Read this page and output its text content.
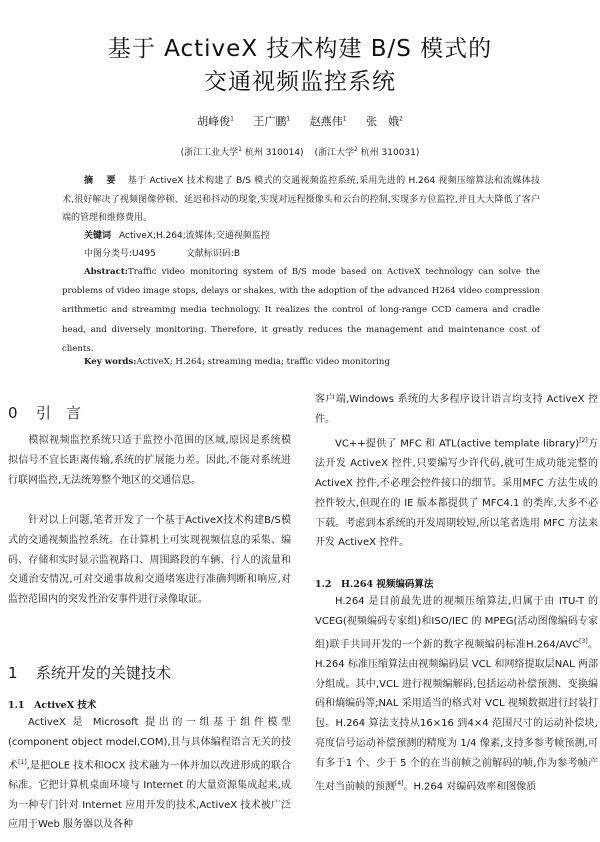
基于 ActiveX 技术构建 B/S 模式的
交通视频监控系统
胡峰俊$^1$ 王广鹏$^1$ 赵燕伟$^1$ 张　娥$^2$
(浙江工业大学$^1$ 杭州 310014) (浙江大学$^2$ 杭州 310031)
摘　要 基于 ActiveX 技术构建了 B/S 模式的交通视频监控系统,采用先进的 H.264 视频压缩算法和流媒体技术,很好解决了视频图像停顿、延迟和抖动的现象,实现对远程摄像头和云台的控制,实现多方位监控,并且大大降低了客户端的管理和维修费用。
关键词 ActiveX;H.264;流媒体;交通视频监控
中图分类号:U495	文献标识码:B
Abstract:Traffic video monitoring system of B/S mode based on ActiveX technology can solve the problems of video image stops, delays or shakes, with the adoption of the advanced H264 video compression arithmetic and streaming media technology. It realizes the control of long-range CCD camera and cradle head, and diversely monitoring. Therefore, it greatly reduces the management and maintenance cost of clients.
Key words:ActiveX; H.264; streaming media; traffic video monitoring
0 引　言
模拟视频监控系统只适于监控小范围的区域,原因是系统模拟信号不宜长距离传输,系统的扩展能力差。因此,不能对系统进行联网监控,无法统筹整个地区的交通信息。
针对以上问题,笔者开发了一个基于ActiveX技术构建B/S模式的交通视频监控系统。在计算机上可实现视频信息的采集、编码、存储和实时显示监视路口、周围路段的车辆、行人的流量和交通治安情况,可对交通事故和交通堵塞进行准确判断和响应,对监控范围内的突发性治安事件进行录像取证。
1 系统开发的关键技术
1.1 ActiveX 技术
ActiveX 是 Microsoft 提出的一组基于组件模型(component object model,COM),且与具体编程语言无关的技术[1],是把OLE 技术和OCX 技术融为一体并加以改进形成的联合标准。它把计算机桌面环境与 Internet 的大量资源集成起来,成为一种专门针对 Internet 应用开发的技术,ActiveX 技术被广泛应用于Web 服务器以及各种
客户端,Windows 系统的大多程序设计语言均支持 ActiveX 控件。
VC++提供了 MFC 和 ATL(active template library)[2]方法开发 ActiveX 控件,只要编写少许代码,就可生成功能完整的 ActiveX 控件,不必理会控件接口的细节。采用MFC 方法生成的控件较大,但现在的 IE 版本都提供了 MFC4.1 的类库,大多不必下载。考虑到本系统的开发周期较短,所以笔者选用 MFC 方法来开发 ActiveX 控件。
1.2 H.264 视频编码算法
H.264 是目前最先进的视频压缩算法,归属于由 ITU-T 的 VCEG(视频编码专家组)和ISO/IEC 的 MPEG(活动图像编码专家组)联手共同开发的一个新的数字视频编码标准H.264/AVC[3]。H.264 标准压缩算法由视频编码层 VCL 和网络提取层NAL 两部分组成。其中,VCL 进行视频编解码,包括运动补偿预测、变换编码和熵编码等;NAL 采用适当的格式对 VCL 视频数据进行封装打包。H.264 算法支持从16×16 到4×4 范围尺寸的运动补偿块,亮度信号运动补偿预测的精度为 1/4 像素,支持多参考帧预测,可有多于1 个、少于 5 个的在当前帧之前解码的帧,作为参考帧产生对当前帧的预测[4]。H.264 对编码效率和图像质
